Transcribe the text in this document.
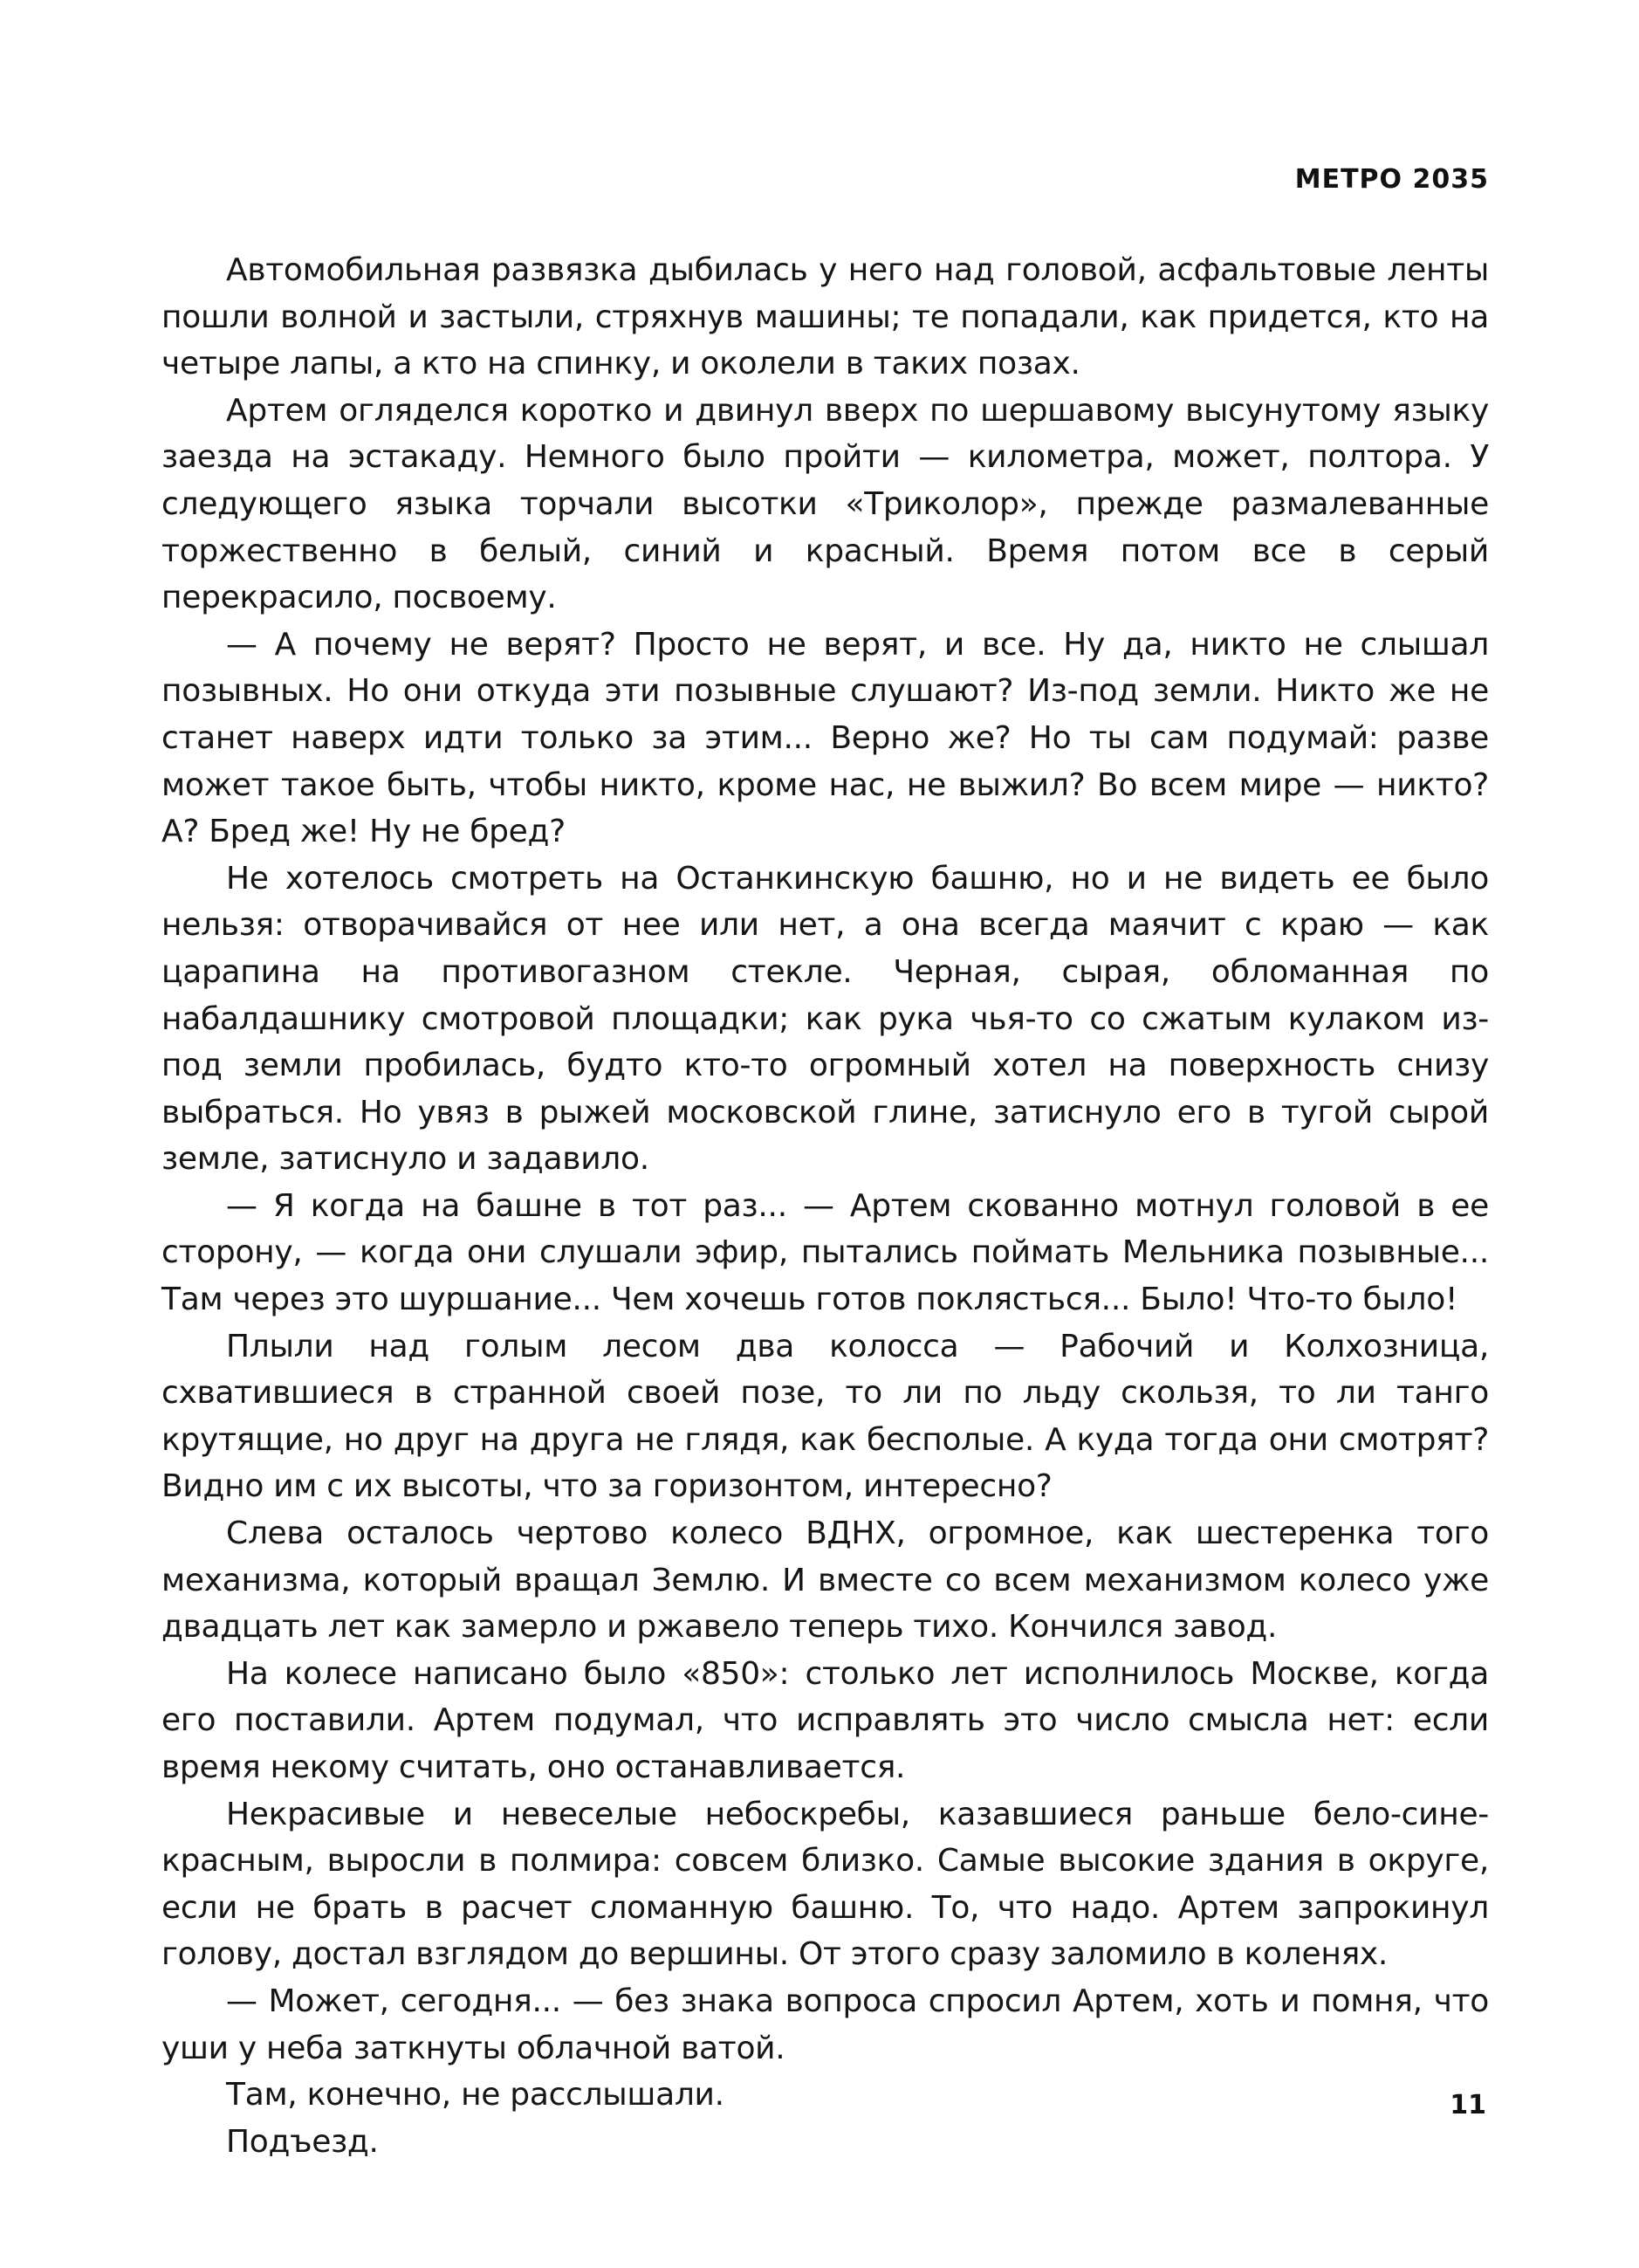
МЕТРО 2035

Автомобильная развязка дыбилась у него над головой, асфальтовые ленты пошли волной и застыли, стряхнув машины; те попадали, как придется, кто на четыре лапы, а кто на спинку, и околели в таких позах.

Артем огляделся коротко и двинул вверх по шершавому высунутому языку заезда на эстакаду. Немного было пройти — километра, может, полтора. У следующего языка торчали высотки «Триколор», прежде размалеванные торжественно в белый, синий и красный. Время потом все в серый перекрасило, посвоему.

— А почему не верят? Просто не верят, и все. Ну да, никто не слышал позывных. Но они откуда эти позывные слушают? Из-под земли. Никто же не станет наверх идти только за этим... Верно же? Но ты сам подумай: разве может такое быть, чтобы никто, кроме нас, не выжил? Во всем мире — никто? А? Бред же! Ну не бред?

Не хотелось смотреть на Останкинскую башню, но и не видеть ее было нельзя: отворачивайся от нее или нет, а она всегда маячит с краю — как царапина на противогазном стекле. Черная, сырая, обломанная по набалдашнику смотровой площадки; как рука чья-то со сжатым кулаком из-под земли пробилась, будто кто-то огромный хотел на поверхность снизу выбраться. Но увяз в рыжей московской глине, затиснуло его в тугой сырой земле, затиснуло и задавило.

— Я когда на башне в тот раз... — Артем скованно мотнул головой в ее сторону, — когда они слушали эфир, пытались поймать Мельника позывные... Там через это шуршание... Чем хочешь готов поклясться... Было! Что-то было!

Плыли над голым лесом два колосса — Рабочий и Колхозница, схватившиеся в странной своей позе, то ли по льду скользя, то ли танго крутящие, но друг на друга не глядя, как бесполые. А куда тогда они смотрят? Видно им с их высоты, что за горизонтом, интересно?

Слева осталось чертово колесо ВДНХ, огромное, как шестеренка того механизма, который вращал Землю. И вместе со всем механизмом колесо уже двадцать лет как замерло и ржавело теперь тихо. Кончился завод.

На колесе написано было «850»: столько лет исполнилось Москве, когда его поставили. Артем подумал, что исправлять это число смысла нет: если время некому считать, оно останавливается.

Некрасивые и невеселые небоскребы, казавшиеся раньше бело-сине-красным, выросли в полмира: совсем близко. Самые высокие здания в округе, если не брать в расчет сломанную башню. То, что надо. Артем запрокинул голову, достал взглядом до вершины. От этого сразу заломило в коленях.

— Может, сегодня... — без знака вопроса спросил Артем, хоть и помня, что уши у неба заткнуты облачной ватой.

Там, конечно, не расслышали.

Подъезд.

11
